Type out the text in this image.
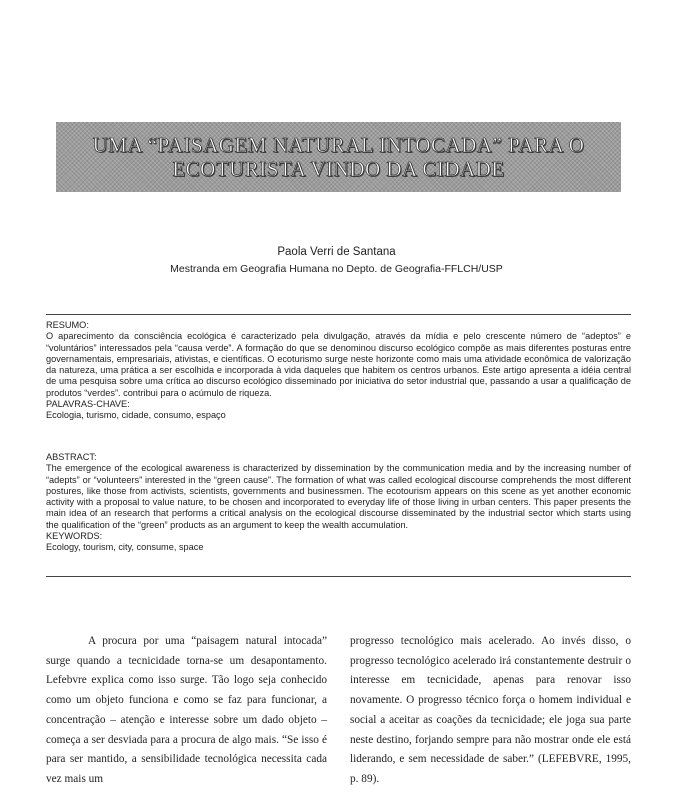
UMA “PAISAGEM NATURAL INTOCADA” PARA O
ECOTURISTA VINDO DA CIDADE
Paola Verri de Santana
Mestranda em Geografia Humana no Depto. de Geografia-FFLCH/USP
RESUMO:
O aparecimento da consciência ecológica é caracterizado pela divulgação, através da mídia e pelo crescente número de “adeptos” e “voluntários” interessados pela “causa verde”. A formação do que se denominou discurso ecológico compõe as mais diferentes posturas entre governamentais, empresariais, ativistas, e científicas. O ecoturismo surge neste horizonte como mais uma atividade econômica de valorização da natureza, uma prática a ser escolhida e incorporada à vida daqueles que habitem os centros urbanos. Este artigo apresenta a idéia central de uma pesquisa sobre uma crítica ao discurso ecológico disseminado por iniciativa do setor industrial que, passando a usar a qualificação de produtos “verdes”. contribui para o acúmulo de riqueza.
PALAVRAS-CHAVE:
Ecologia, turismo, cidade, consumo, espaço
ABSTRACT:
The emergence of the ecological awareness is characterized by dissemination by the communication media and by the increasing number of “adepts” or “volunteers” interested in the “green cause”. The formation of what was called ecological discourse comprehends the most different postures, like those from activists, scientists, governments and businessmen. The ecotourism appears on this scene as yet another economic activity with a proposal to value nature, to be chosen and incorporated to everyday life of those living in urban centers. This paper presents the main idea of an research that performs a critical analysis on the ecological discourse disseminated by the industrial sector which starts using the qualification of the “green” products as an argument to keep the wealth accumulation.
KEYWORDS:
Ecology, tourism, city, consume, space

A procura por uma “paisagem natural intocada” surge quando a tecnicidade torna-se um desapontamento. Lefebvre explica como isso surge. Tão logo seja conhecido como um objeto funciona e como se faz para funcionar, a concentração – atenção e interesse sobre um dado objeto – começa a ser desviada para a procura de algo mais. “Se isso é para ser mantido, a sensibilidade tecnológica necessita cada vez mais um

progresso tecnológico mais acelerado. Ao invés disso, o progresso tecnológico acelerado irá constantemente destruir o interesse em tecnicidade, apenas para renovar isso novamente. O progresso técnico força o homem individual e social a aceitar as coações da tecnicidade; ele joga sua parte neste destino, forjando sempre para não mostrar onde ele está liderando, e sem necessidade de saber.” (LEFEBVRE, 1995, p. 89).
